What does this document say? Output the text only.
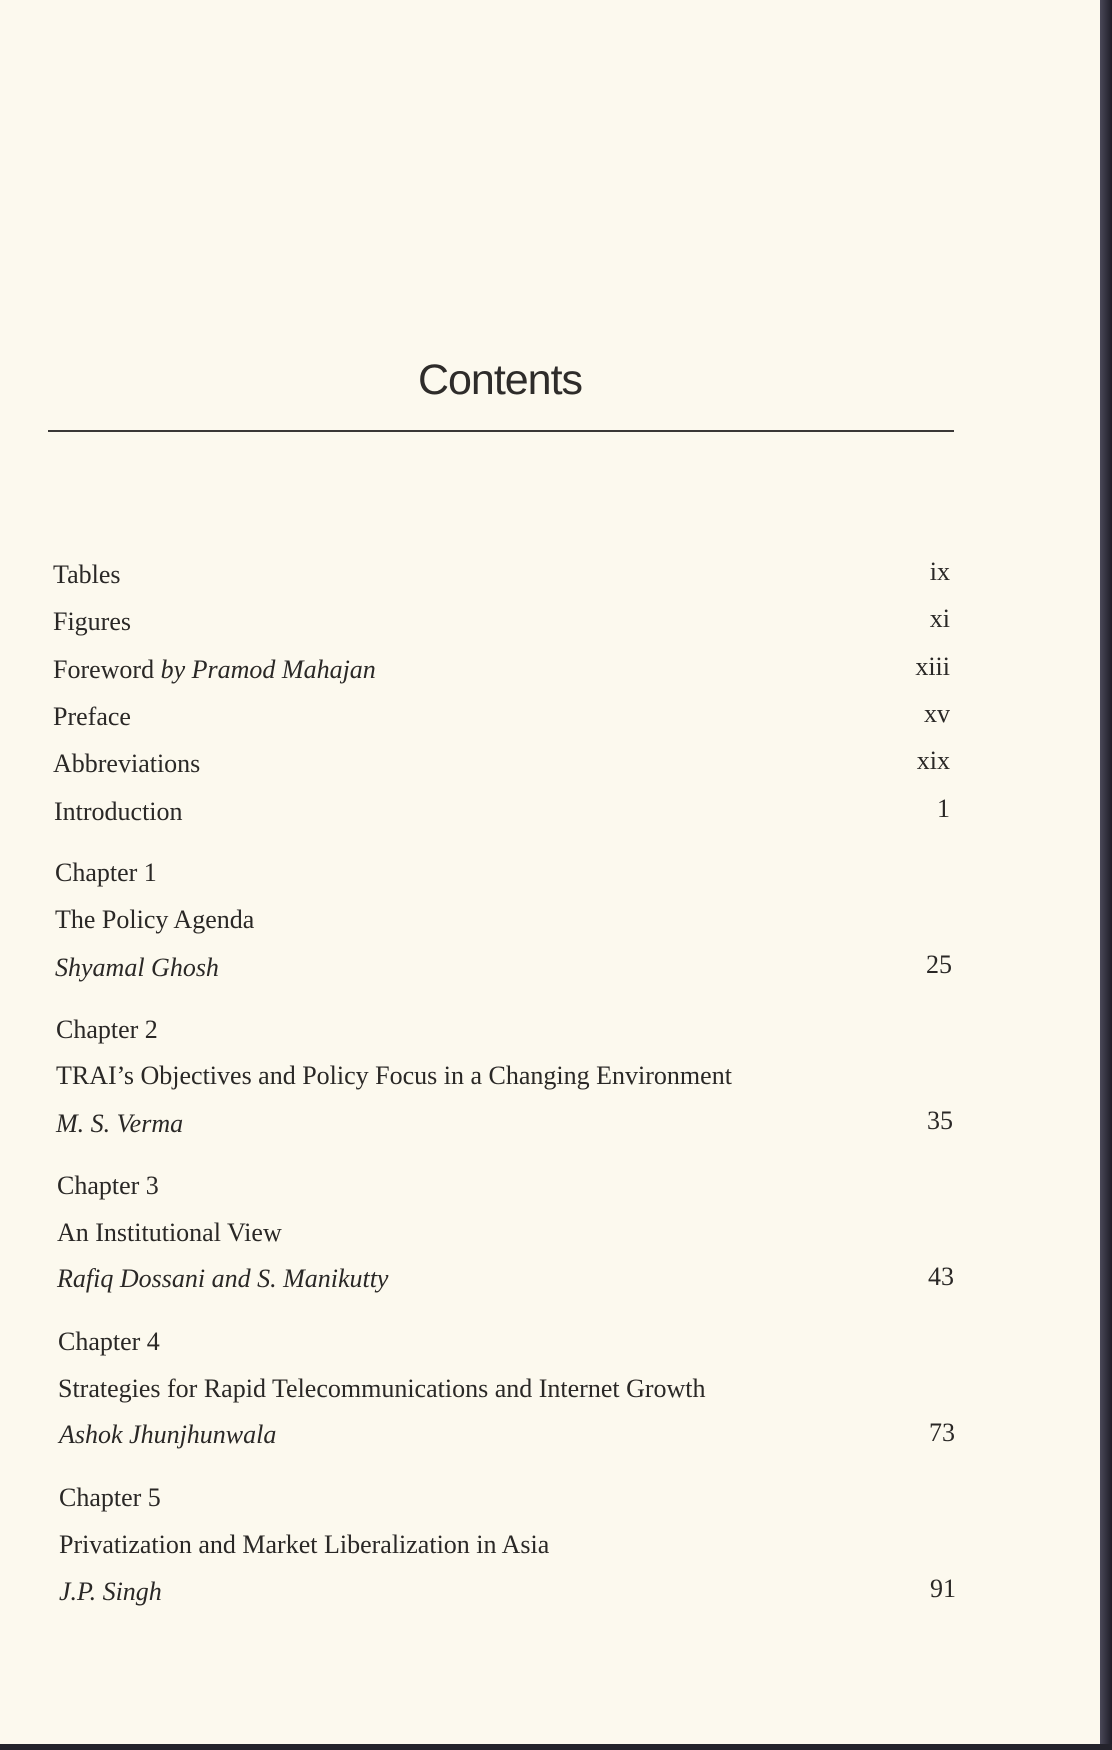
Contents
Tables	ix
Figures	xi
Foreword by Pramod Mahajan	xiii
Preface	xv
Abbreviations	xix
Introduction	1
Chapter 1
The Policy Agenda
Shyamal Ghosh	25
Chapter 2
TRAI’s Objectives and Policy Focus in a Changing Environment
M. S. Verma	35
Chapter 3
An Institutional View
Rafiq Dossani and S. Manikutty	43
Chapter 4
Strategies for Rapid Telecommunications and Internet Growth
Ashok Jhunjhunwala	73
Chapter 5
Privatization and Market Liberalization in Asia
J.P. Singh	91
